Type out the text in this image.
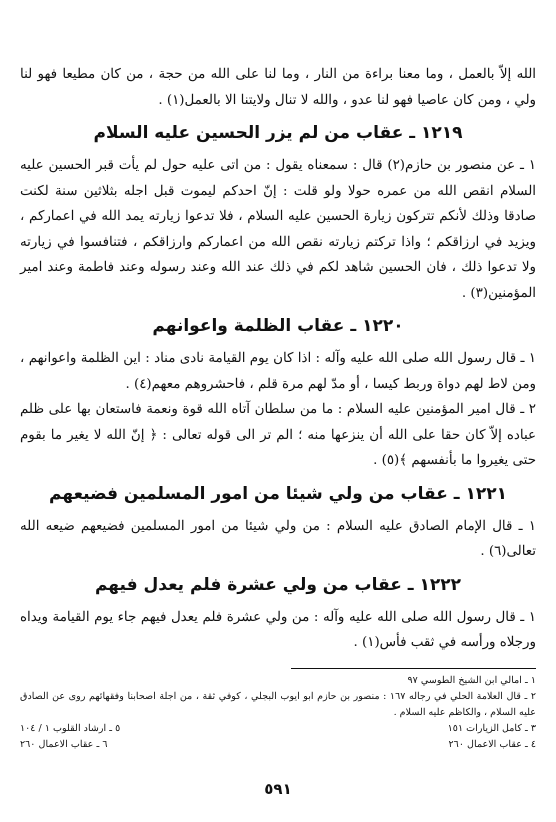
الله إلاّ بالعمل ، وما معنا براءة من النار ، وما لنا على الله من حجة ، من كان مطيعا فهو لنا ولي ، ومن كان عاصيا فهو لنا عدو ، والله لا تنال ولايتنا الا بالعمل(١) .

١٢١٩ ـ عقاب من لم يزر الحسين عليه السلام

١ ـ عن منصور بن حازم(٢) قال : سمعناه يقول : من اتى عليه حول لم يأت قبر الحسين عليه السلام انقص الله من عمره حولا ولو قلت : إنّ احدكم ليموت قبل اجله بثلاثين سنة لكنت صادقا وذلك لأنكم تتركون زيارة الحسين عليه السلام ، فلا تدعوا زيارته يمد الله في اعماركم ، ويزيد في ارزاقكم ؛ واذا تركتم زيارته نقص الله من اعماركم وارزاقكم ، فتنافسوا في زيارته ولا تدعوا ذلك ، فان الحسين شاهد لكم في ذلك عند الله وعند رسوله وعند فاطمة وعند امير المؤمنين(٣) .

١٢٢٠ ـ عقاب الظلمة واعوانهم

١ ـ قال رسول الله صلى الله عليه وآله : اذا كان يوم القيامة نادى مناد : اين الظلمة واعوانهم ، ومن لاط لهم دواة وربط كيسا ، أو مدّ لهم مرة قلم ، فاحشروهم معهم(٤) .

٢ ـ قال امير المؤمنين عليه السلام : ما من سلطان آتاه الله قوة ونعمة فاستعان بها على ظلم عباده إلاّ كان حقا على الله أن ينزعها منه ؛ الم تر الى قوله تعالى : ﴿ إنّ الله لا يغير ما بقوم حتى يغيروا ما بأنفسهم ﴾(٥) .

١٢٢١ ـ عقاب من ولي شيئا من امور المسلمين فضيعهم

١ ـ قال الإمام الصادق عليه السلام : من ولي شيئا من امور المسلمين فضيعهم ضيعه الله تعالى(٦) .

١٢٢٢ ـ عقاب من ولي عشرة فلم يعدل فيهم

١ ـ قال رسول الله صلى الله عليه وآله : من ولي عشرة فلم يعدل فيهم جاء يوم القيامة ويداه ورجلاه ورأسه في ثقب فأس(١) .

١ ـ امالي ابن الشيخ الطوسي ٩٧
٢ ـ قال العلامة الحلي في رجاله ١٦٧ : منصور بن حازم ابو ايوب البجلي ، كوفي ثقة ، من اجلة اصحابنا وفقهائهم روى عن الصادق عليه السلام ، والكاظم عليه السلام .
٣ ـ كامل الزيارات ١٥١
٥ ـ ارشاد القلوب ١ / ١٠٤
٤ ـ عقاب الاعمال ٢٦٠
٦ ـ عقاب الاعمال ٢٦٠
٥٩١
